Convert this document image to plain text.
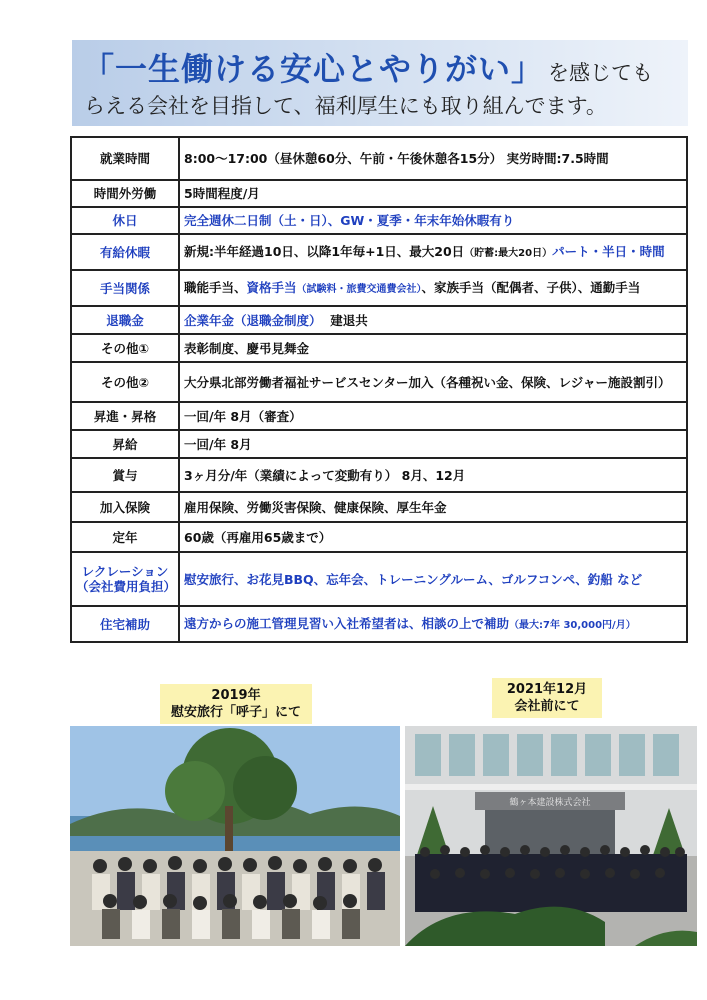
「一生働ける安心とやりがい」 を感じても
らえる会社を目指して、福利厚生にも取り組んでます。
就業時間	8:00～17:00（昼休憩60分、午前・午後休憩各15分） 実労時間:7.5時間
時間外労働	5時間程度/月
休日	完全週休二日制（土・日）、GW・夏季・年末年始休暇有り
有給休暇	新規:半年経過10日、以降1年毎+1日、最大20日（貯蓄:最大20日）パート・半日・時間
手当関係	職能手当、資格手当（試験料・旅費交通費会社）、家族手当（配偶者、子供）、通勤手当
退職金	企業年金（退職金制度） 建退共
その他①	表彰制度、慶弔見舞金
その他②	大分県北部労働者福祉サービスセンター加入（各種祝い金、保険、レジャー施設割引）
昇進・昇格	一回/年 8月（審査）
昇給	一回/年 8月
賞与	3ヶ月分/年（業績によって変動有り） 8月、12月
加入保険	雇用保険、労働災害保険、健康保険、厚生年金
定年	60歳（再雇用65歳まで）
レクレーション（会社費用負担）	慰安旅行、お花見BBQ、忘年会、トレーニングルーム、ゴルフコンペ、釣船 など
住宅補助	遠方からの施工管理見習い入社希望者は、相談の上で補助（最大:7年 30,000円/月）
2019年
慰安旅行「呼子」にて
2021年12月
会社前にて
鶴ヶ本建設株式会社
